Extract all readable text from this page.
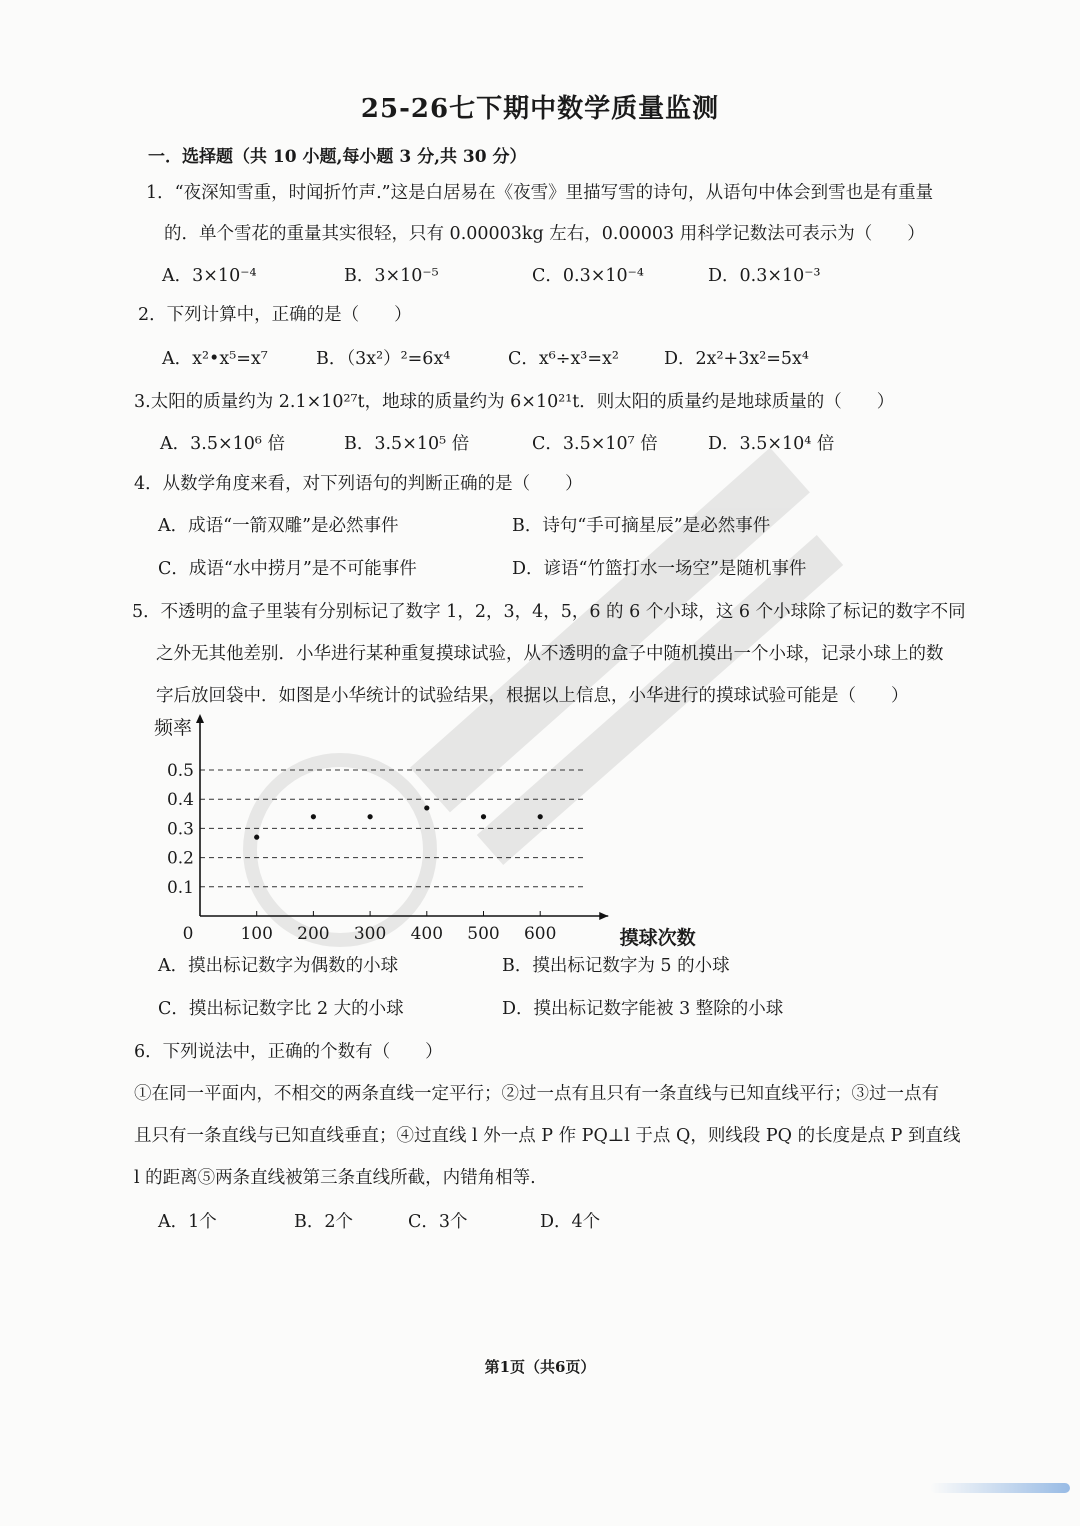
25-26七下期中数学质量监测
一．选择题（共 10 小题,每小题 3 分,共 30 分）
1．“夜深知雪重，时闻折竹声.”这是白居易在《夜雪》里描写雪的诗句，从语句中体会到雪也是有重量
的．单个雪花的重量其实很轻，只有 0.00003kg 左右，0.00003 用科学记数法可表示为（　　）
A．3×10⁻⁴	B．3×10⁻⁵	C．0.3×10⁻⁴	D．0.3×10⁻³
2．下列计算中，正确的是（　　）
A．x²•x⁵=x⁷	B．（3x²）²=6x⁴	C．x⁶÷x³=x²	D．2x²+3x²=5x⁴
3.太阳的质量约为 2.1×10²⁷t，地球的质量约为 6×10²¹t．则太阳的质量约是地球质量的（　　）
A．3.5×10⁶ 倍	B．3.5×10⁵ 倍	C．3.5×10⁷ 倍	D．3.5×10⁴ 倍
4．从数学角度来看，对下列语句的判断正确的是（　　）
A．成语“一箭双雕”是必然事件	B．诗句“手可摘星辰”是必然事件
C．成语“水中捞月”是不可能事件	D．谚语“竹篮打水一场空”是随机事件
5．不透明的盒子里装有分别标记了数字 1，2，3，4，5，6 的 6 个小球，这 6 个小球除了标记的数字不同
之外无其他差别．小华进行某种重复摸球试验，从不透明的盒子中随机摸出一个小球，记录小球上的数
字后放回袋中．如图是小华统计的试验结果，根据以上信息，小华进行的摸球试验可能是（　　）
0.1
0.2
0.3
0.4
0.5
100 200 300 400 500 600
0
频率
摸球次数
A．摸出标记数字为偶数的小球	B．摸出标记数字为 5 的小球
C．摸出标记数字比 2 大的小球	D．摸出标记数字能被 3 整除的小球
6．下列说法中，正确的个数有（　　）
①在同一平面内，不相交的两条直线一定平行；②过一点有且只有一条直线与已知直线平行；③过一点有
且只有一条直线与已知直线垂直；④过直线 l 外一点 P 作 PQ⊥l 于点 Q，则线段 PQ 的长度是点 P 到直线
l 的距离⑤两条直线被第三条直线所截，内错角相等.
A．1个	B．2个	C．3个	D．4个
第1页（共6页）
